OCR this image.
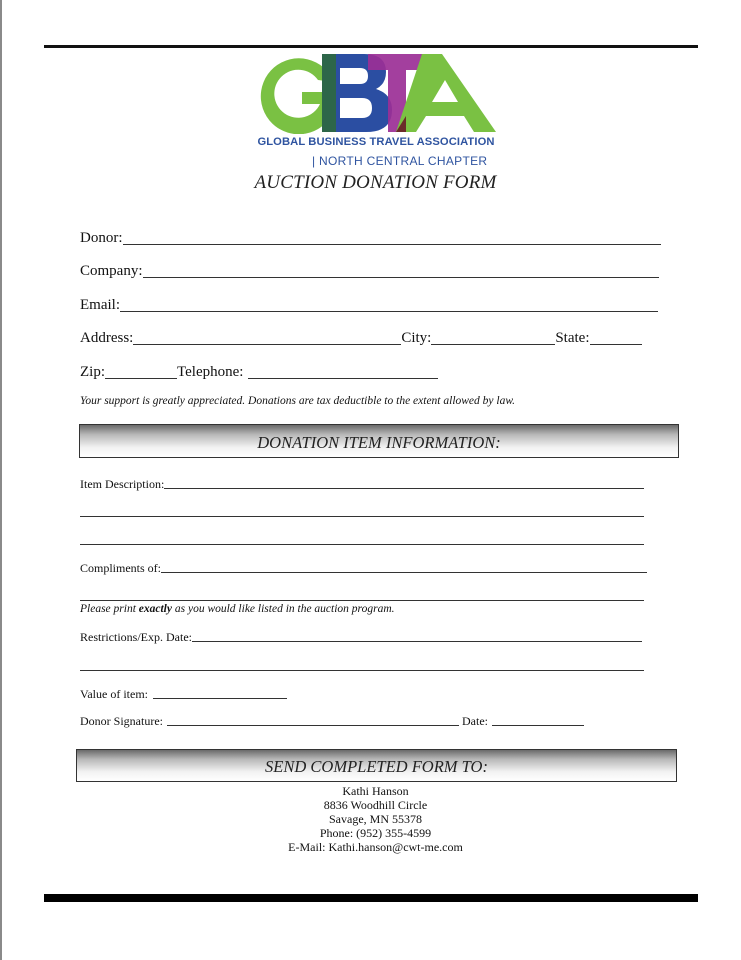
GLOBAL BUSINESS TRAVEL ASSOCIATION
| NORTH CENTRAL CHAPTER
AUCTION DONATION FORM
Donor:
Company:
Email:
Address:	City:	State:
Zip:	Telephone:
Your support is greatly appreciated. Donations are tax deductible to the extent allowed by law.
DONATION ITEM INFORMATION:
Item Description:
Compliments of:
Please print exactly as you would like listed in the auction program.
Restrictions/Exp. Date:
Value of item:
Donor Signature:	Date:
SEND COMPLETED FORM TO:
Kathi Hanson
8836 Woodhill Circle
Savage, MN 55378
Phone: (952) 355-4599
E-Mail: Kathi.hanson@cwt-me.com
